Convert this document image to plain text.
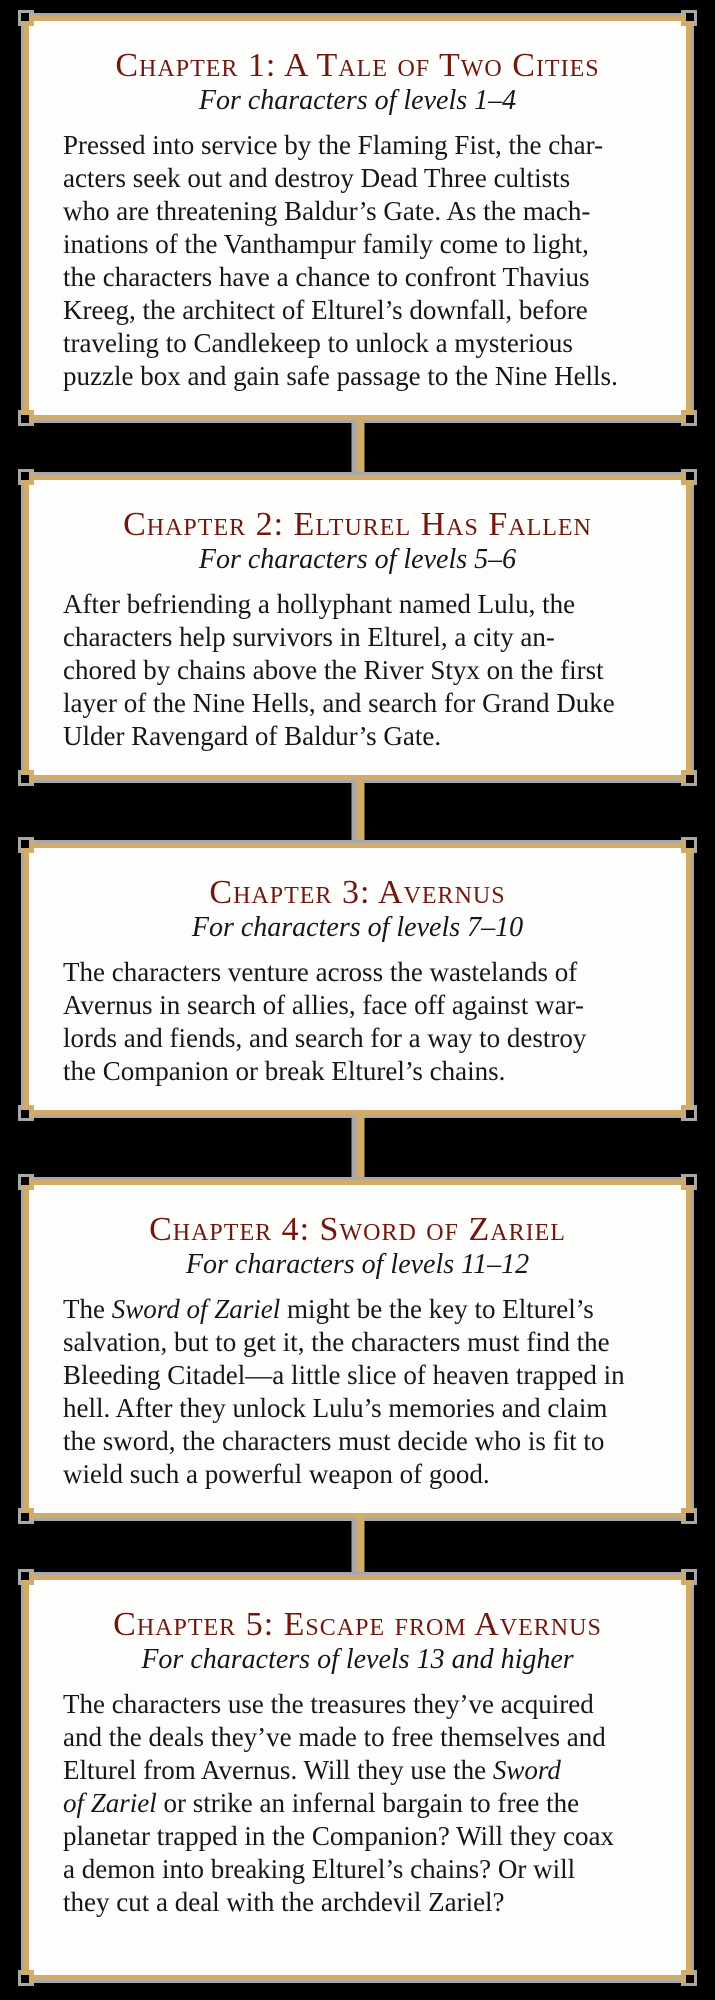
Chapter 1: A Tale of Two Cities
For characters of levels 1–4
Pressed into service by the Flaming Fist, the char-
acters seek out and destroy Dead Three cultists
who are threatening Baldur’s Gate. As the mach-
inations of the Vanthampur family come to light,
the characters have a chance to confront Thavius
Kreeg, the architect of Elturel’s downfall, before
traveling to Candlekeep to unlock a mysterious
puzzle box and gain safe passage to the Nine Hells.
Chapter 2: Elturel Has Fallen
For characters of levels 5–6
After befriending a hollyphant named Lulu, the
characters help survivors in Elturel, a city an-
chored by chains above the River Styx on the first
layer of the Nine Hells, and search for Grand Duke
Ulder Ravengard of Baldur’s Gate.
Chapter 3: Avernus
For characters of levels 7–10
The characters venture across the wastelands of
Avernus in search of allies, face off against war-
lords and fiends, and search for a way to destroy
the Companion or break Elturel’s chains.
Chapter 4: Sword of Zariel
For characters of levels 11–12
The Sword of Zariel might be the key to Elturel’s
salvation, but to get it, the characters must find the
Bleeding Citadel—a little slice of heaven trapped in
hell. After they unlock Lulu’s memories and claim
the sword, the characters must decide who is fit to
wield such a powerful weapon of good.
Chapter 5: Escape from Avernus
For characters of levels 13 and higher
The characters use the treasures they’ve acquired
and the deals they’ve made to free themselves and
Elturel from Avernus. Will they use the Sword
of Zariel or strike an infernal bargain to free the
planetar trapped in the Companion? Will they coax
a demon into breaking Elturel’s chains? Or will
they cut a deal with the archdevil Zariel?
